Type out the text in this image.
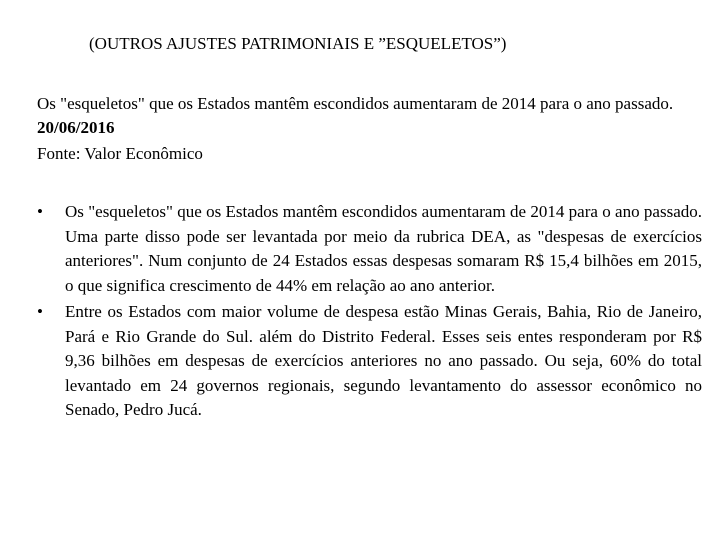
(OUTROS AJUSTES PATRIMONIAIS E ”ESQUELETOS”)

Os "esqueletos" que os Estados mantêm escondidos aumentaram de 2014 para o ano passado.   20/06/2016

Fonte: Valor Econômico
•	Os "esqueletos" que os Estados mantêm escondidos aumentaram de 2014 para o ano passado. Uma parte disso pode ser levantada por meio da rubrica DEA, as "despesas de exercícios anteriores". Num conjunto de 24 Estados essas despesas somaram R$ 15,4 bilhões em 2015, o que significa crescimento de 44% em relação ao ano anterior.
•	Entre os Estados com maior volume de despesa estão Minas Gerais, Bahia, Rio de Janeiro, Pará e Rio Grande do Sul. além do Distrito Federal. Esses seis entes responderam por R$ 9,36 bilhões em despesas de exercícios anteriores no ano passado. Ou seja, 60% do total levantado em 24 governos regionais, segundo levantamento do assessor econômico no Senado, Pedro Jucá.
